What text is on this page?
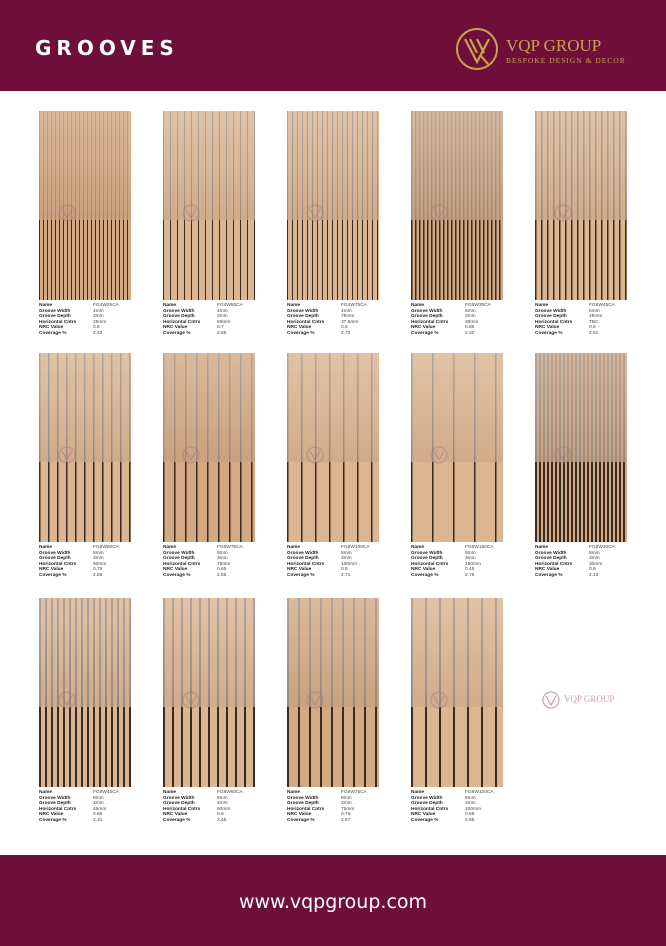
GROOVES	VQP GROUP
BESPOKE DESIGN & DECOR
Name	FG4W25CA
Groove Width	4mm
Groove Depth	3mm
Horizontal Cntrs	25mm
NRC Value	0.8
Coverage %	2.43
Name	FG4W50CA
Groove Width	4mm
Groove Depth	3mm
Horizontal Cntrs	50mm
NRC Value	0.7
Coverage %	2.65
Name	FG4W75CA
Groove Width	4mm
Groove Depth	75mm
Horizontal Cntrs	37.5mm
NRC Value	0.6
Coverage %	2.73
Name	FG6W30CA
Groove Width	6mm
Groove Depth	3mm
Horizontal Cntrs	30mm
NRC Value	0.85
Coverage %	2.32
Name	FG6W45CA
Groove Width	6mm
Groove Depth	45mm
Horizontal Cntrs	TBC
NRC Value	0.8
Coverage %	2.51
Name	FG6W60CA
Groove Width	6mm
Groove Depth	3mm
Horizontal Cntrs	60mm
NRC Value	0.75
Coverage %	2.59
Name	FG6W75CA
Groove Width	6mm
Groove Depth	3mm
Horizontal Cntrs	75mm
NRC Value	0.65
Coverage %	2.65
Name	FG6W100CA
Groove Width	6mm
Groove Depth	3mm
Horizontal Cntrs	100mm
NRC Value	0.6
Coverage %	2.71
Name	FG6W150CA
Groove Width	6mm
Groove Depth	3mm
Horizontal Cntrs	150mm
NRC Value	0.45
Coverage %	2.76
Name	FG8W30CA
Groove Width	8mm
Groove Depth	3mm
Horizontal Cntrs	30mm
NRC Value	0.9
Coverage %	2.13
Name	FG8W45CA
Groove Width	8mm
Groove Depth	3mm
Horizontal Cntrs	45mm
NRC Value	0.85
Coverage %	2.31
Name	FG8W60CA
Groove Width	8mm
Groove Depth	3mm
Horizontal Cntrs	60mm
NRC Value	0.8
Coverage %	2.45
Name	FG8W75CA
Groove Width	8mm
Groove Depth	3mm
Horizontal Cntrs	75mm
NRC Value	0.75
Coverage %	2.57
Name	FG8W100CA
Groove Width	8mm
Groove Depth	3mm
Horizontal Cntrs	100mm
NRC Value	0.65
Coverage %	2.65
VQP GROUP
www.vqpgroup.com
